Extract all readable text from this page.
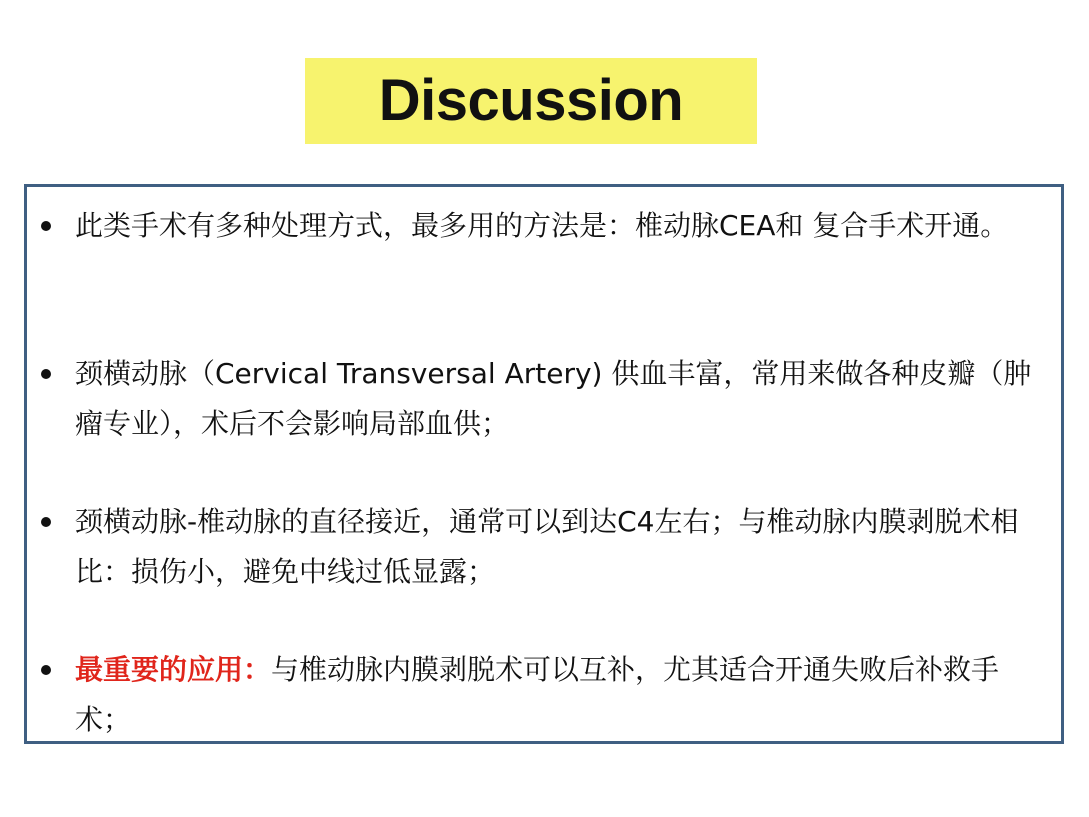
Discussion
此类手术有多种处理方式，最多用的方法是：椎动脉CEA和 复合手术开通。
颈横动脉（Cervical Transversal Artery) 供血丰富，常用来做各种皮瓣（肿瘤专业），术后不会影响局部血供；
颈横动脉-椎动脉的直径接近，通常可以到达C4左右；与椎动脉内膜剥脱术相比：损伤小，避免中线过低显露；
最重要的应用：与椎动脉内膜剥脱术可以互补，尤其适合开通失败后补救手术；
